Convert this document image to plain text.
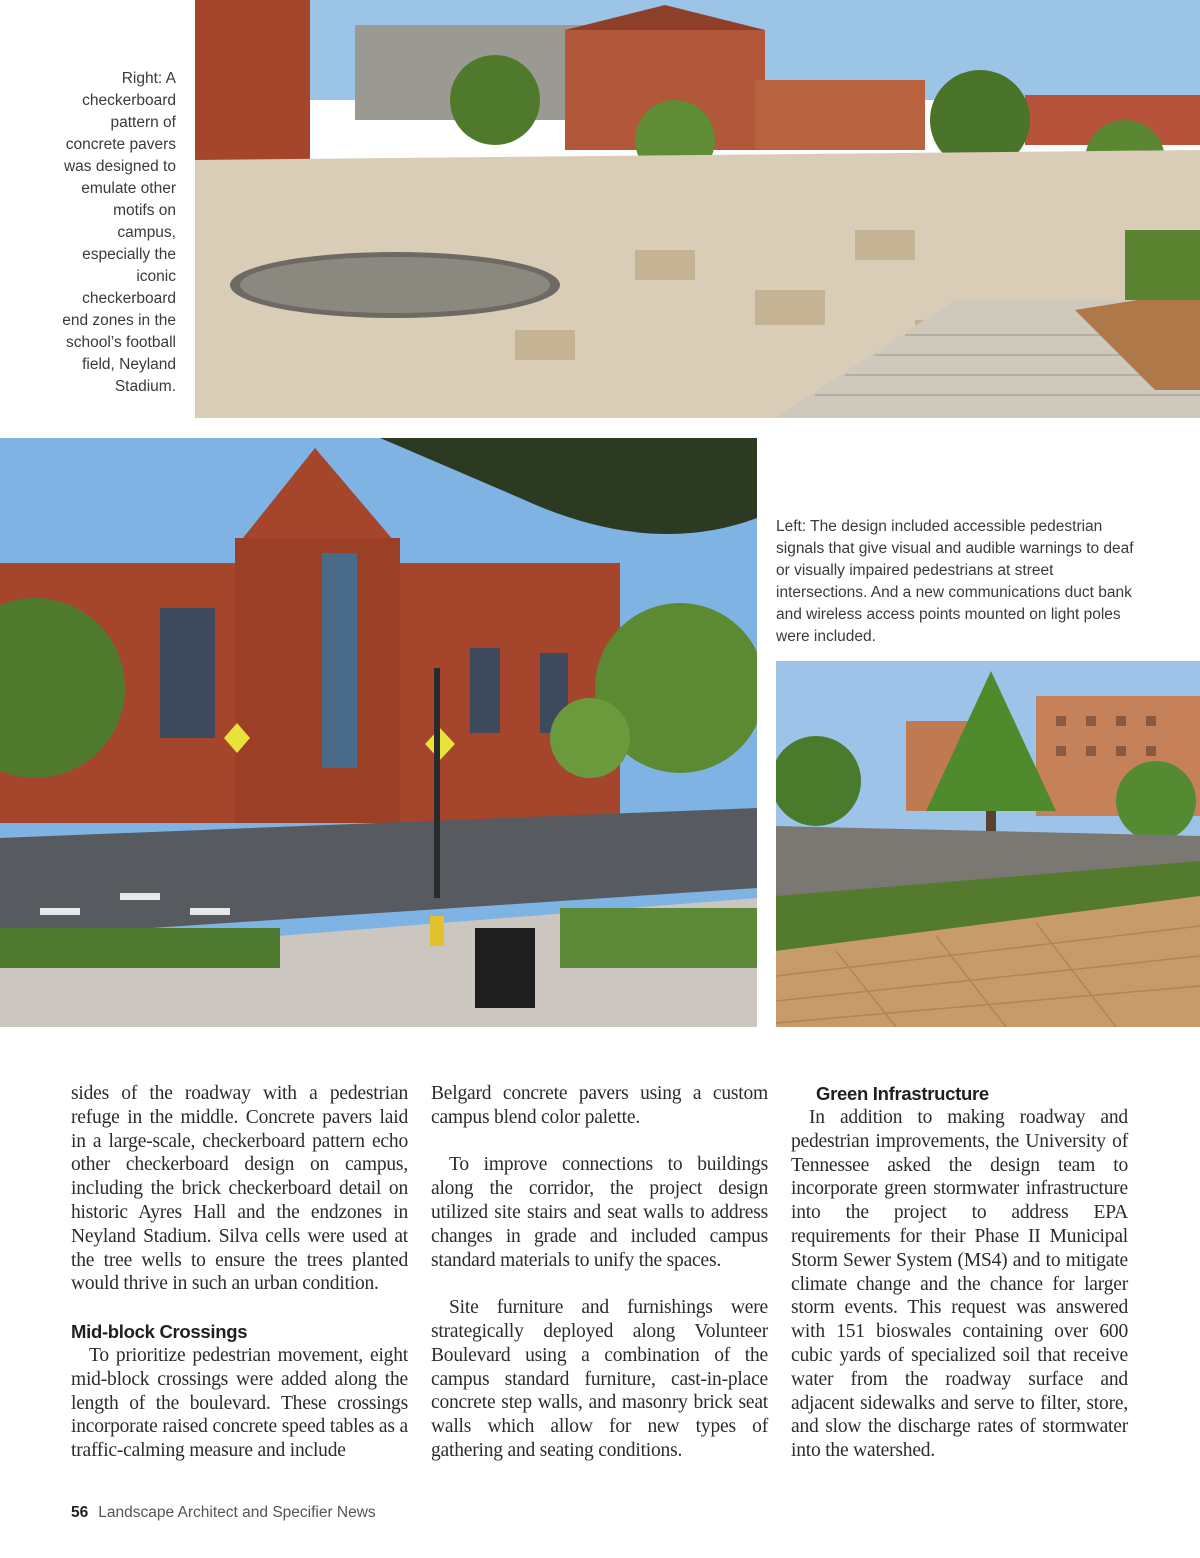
Right: A checkerboard pattern of concrete pavers was designed to emulate other motifs on campus, especially the iconic checkerboard end zones in the school’s football field, Neyland Stadium.
Left: The design included accessible pedestrian signals that give visual and audible warnings to deaf or visually impaired pedestrians at street intersections. And a new communications duct bank and wireless access points mounted on light poles were included.

sides of the roadway with a pedestrian refuge in the middle. Concrete pavers laid in a large-scale, checkerboard pattern echo other checkerboard design on campus, including the brick checkerboard detail on historic Ayres Hall and the endzones in Neyland Stadium. Silva cells were used at the tree wells to ensure the trees planted would thrive in such an urban condition.

Mid-block Crossings

To prioritize pedestrian movement, eight mid-block crossings were added along the length of the boulevard. These crossings incorporate raised concrete speed tables as a traffic-calming measure and include

Belgard concrete pavers using a custom campus blend color palette.

To improve connections to buildings along the corridor, the project design utilized site stairs and seat walls to address changes in grade and included campus standard materials to unify the spaces.

Site furniture and furnishings were strategically deployed along Volunteer Boulevard using a combination of the campus standard furniture, cast-in-place concrete step walls, and masonry brick seat walls which allow for new types of gathering and seating conditions.

Green Infrastructure

In addition to making roadway and pedestrian improvements, the University of Tennessee asked the design team to incorporate green stormwater infrastructure into the project to address EPA requirements for their Phase II Municipal Storm Sewer System (MS4) and to mitigate climate change and the chance for larger storm events. This request was answered with 151 bioswales containing over 600 cubic yards of specialized soil that receive water from the roadway surface and adjacent sidewalks and serve to filter, store, and slow the discharge rates of stormwater into the watershed.

56 Landscape Architect and Specifier News
